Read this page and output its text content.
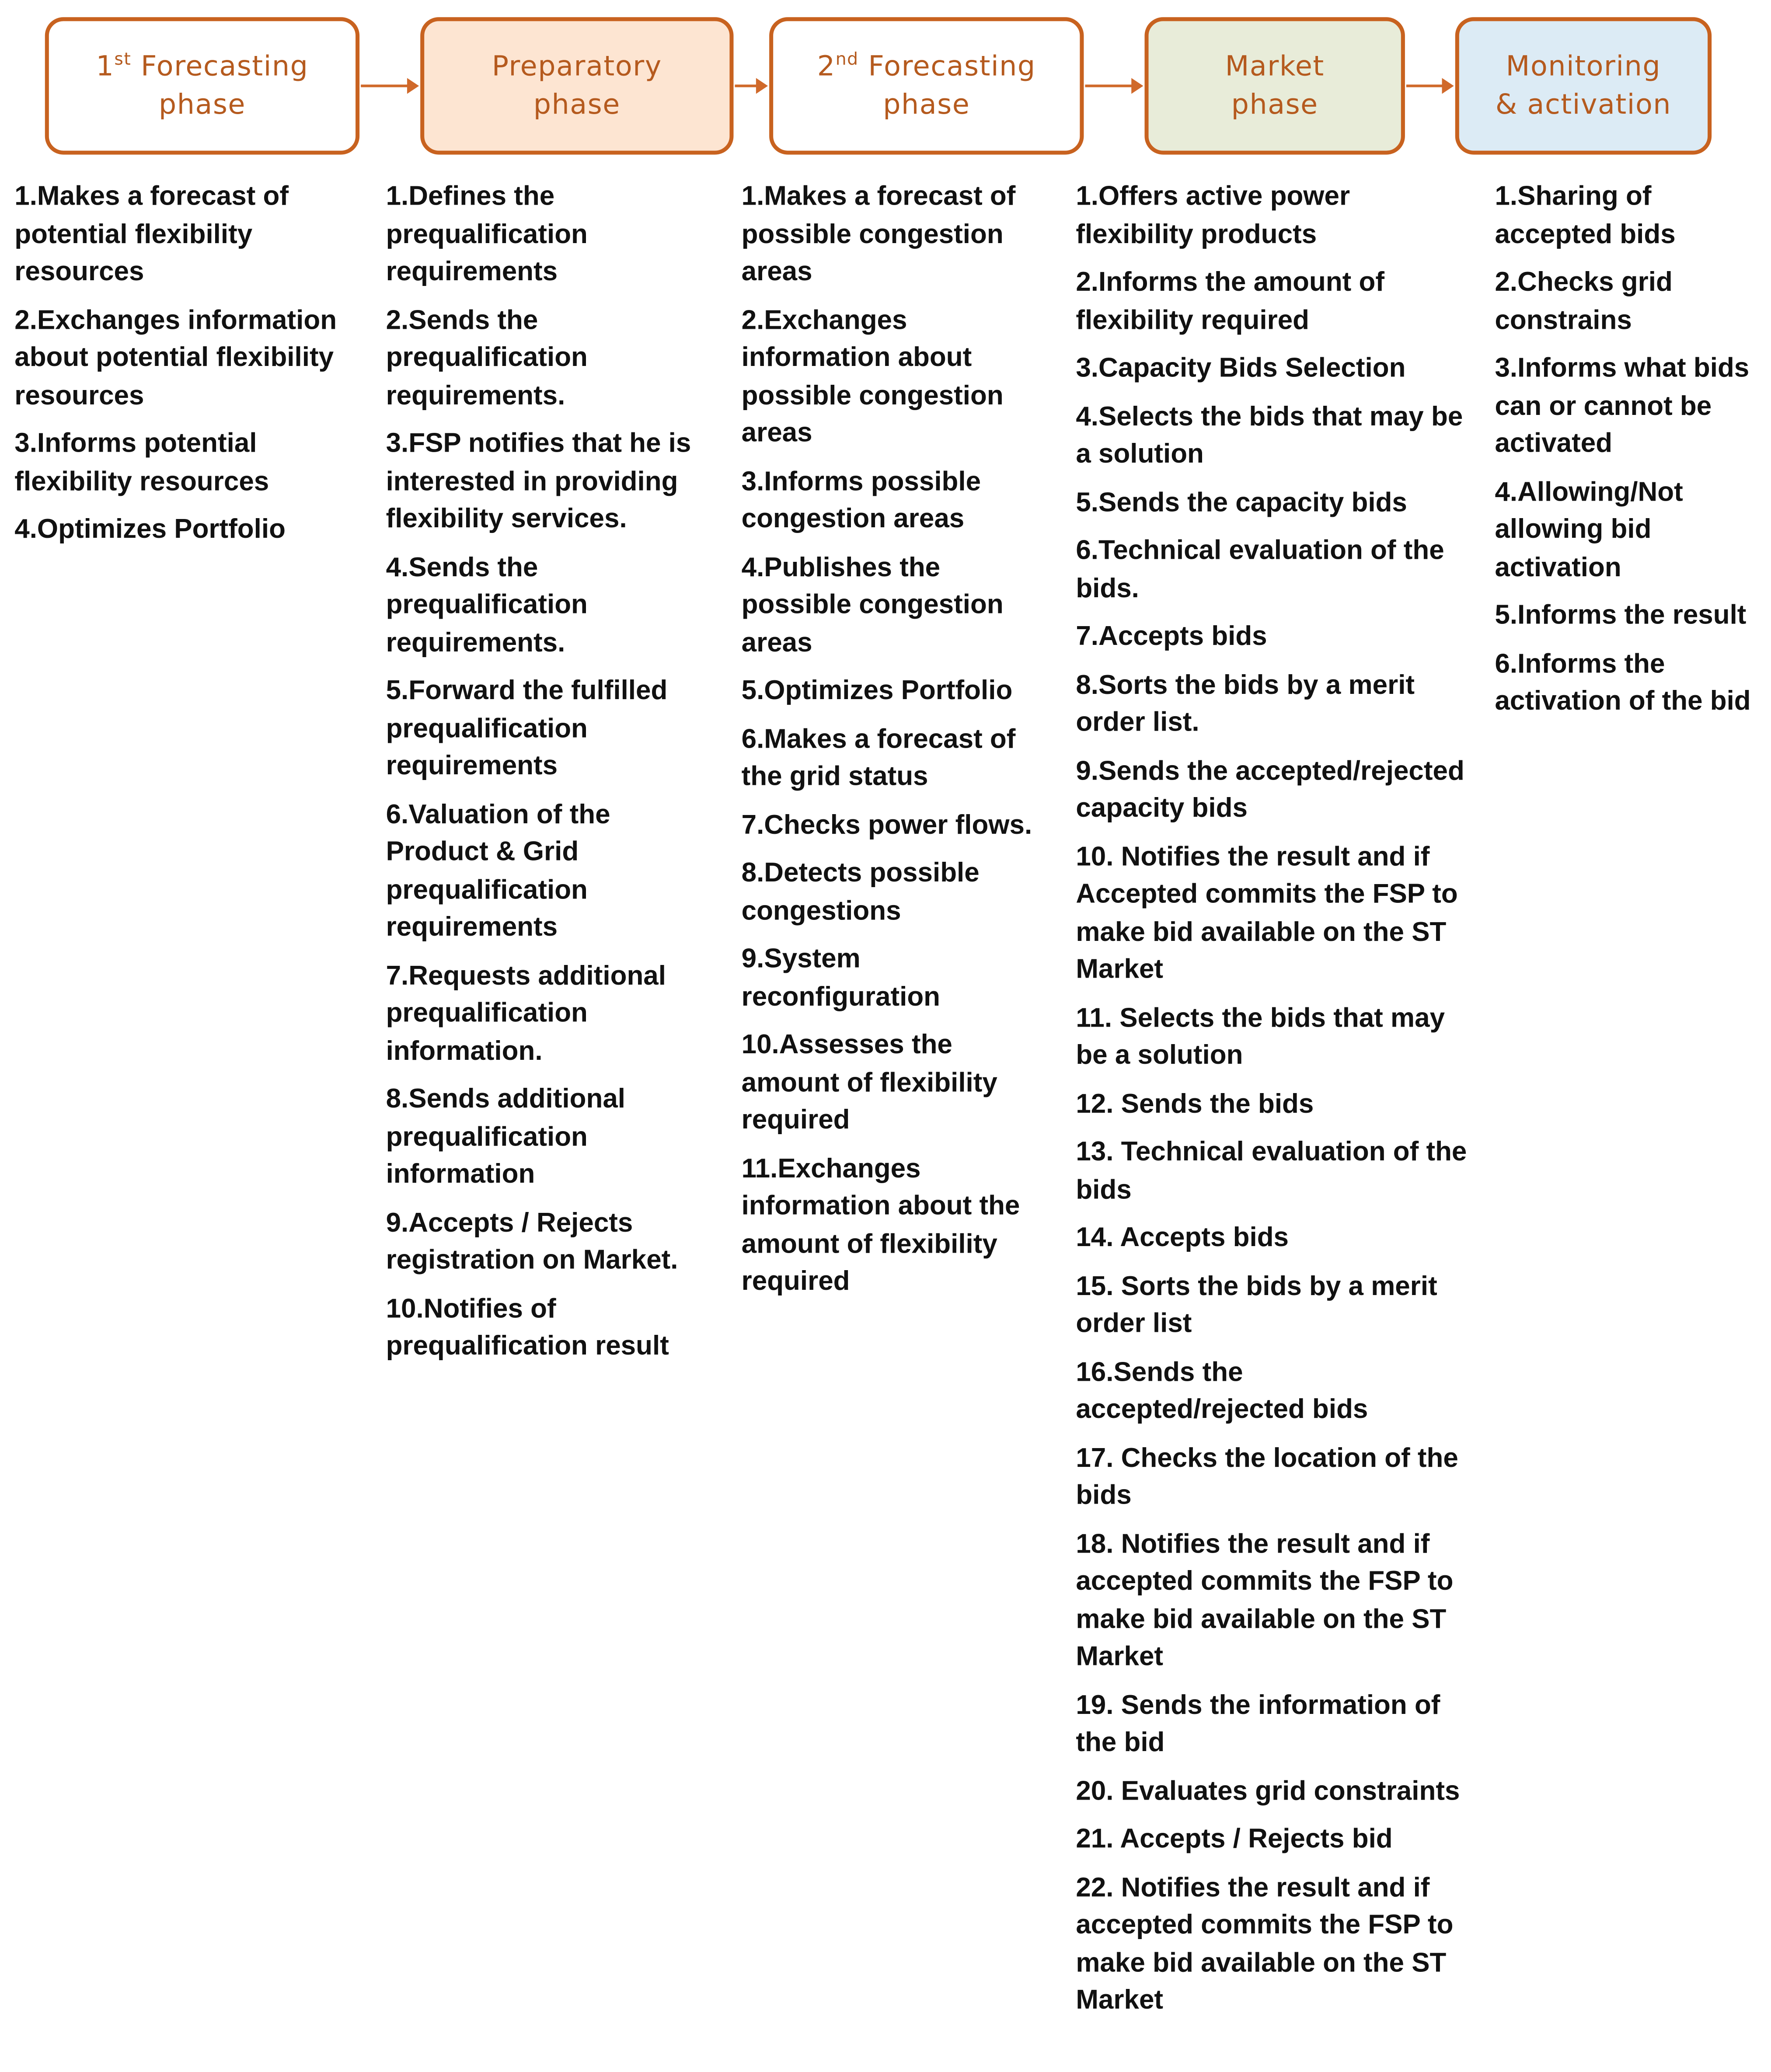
1st Forecasting
phase
Preparatory
phase
2nd Forecasting
phase
Market
phase
Monitoring
& activation
1.Makes a forecast of potential flexibility resources
2.Exchanges information about potential flexibility resources
3.Informs potential flexibility resources
4.Optimizes Portfolio
1.Defines the prequalification requirements
2.Sends the prequalification requirements.
3.FSP notifies that he is interested in providing flexibility services.
4.Sends the prequalification requirements.
5.Forward the fulfilled prequalification requirements
6.Valuation of the Product & Grid prequalification requirements
7.Requests additional prequalification information.
8.Sends additional prequalification information
9.Accepts / Rejects registration on Market.
10.Notifies of prequalification result
1.Makes a forecast of possible congestion areas
2.Exchanges information about possible congestion areas
3.Informs possible congestion areas
4.Publishes the possible congestion areas
5.Optimizes Portfolio
6.Makes a forecast of the grid status
7.Checks power flows.
8.Detects possible congestions
9.System reconfiguration
10.Assesses the amount of flexibility required
11.Exchanges information about the amount of flexibility required
1.Offers active power flexibility products
2.Informs the amount of flexibility required
3.Capacity Bids Selection
4.Selects the bids that may be a solution
5.Sends the capacity bids
6.Technical evaluation of the bids.
7.Accepts bids
8.Sorts the bids by a merit order list.
9.Sends the accepted/rejected capacity bids
10. Notifies the result and if Accepted commits the FSP to make bid available on the ST Market
11. Selects the bids that may be a solution
12. Sends the bids
13. Technical evaluation of the bids
14. Accepts bids
15. Sorts the bids by a merit order list
16.Sends the accepted/rejected bids
17. Checks the location of the bids
18. Notifies the result and if accepted commits the FSP to make bid available on the ST Market
19. Sends the information of the bid
20. Evaluates grid constraints
21. Accepts / Rejects bid
22. Notifies the result and if accepted commits the FSP to make bid available on the ST Market
1.Sharing of accepted bids
2.Checks grid constrains
3.Informs what bids can or cannot be activated
4.Allowing/Not allowing bid activation
5.Informs the result
6.Informs the activation of the bid
